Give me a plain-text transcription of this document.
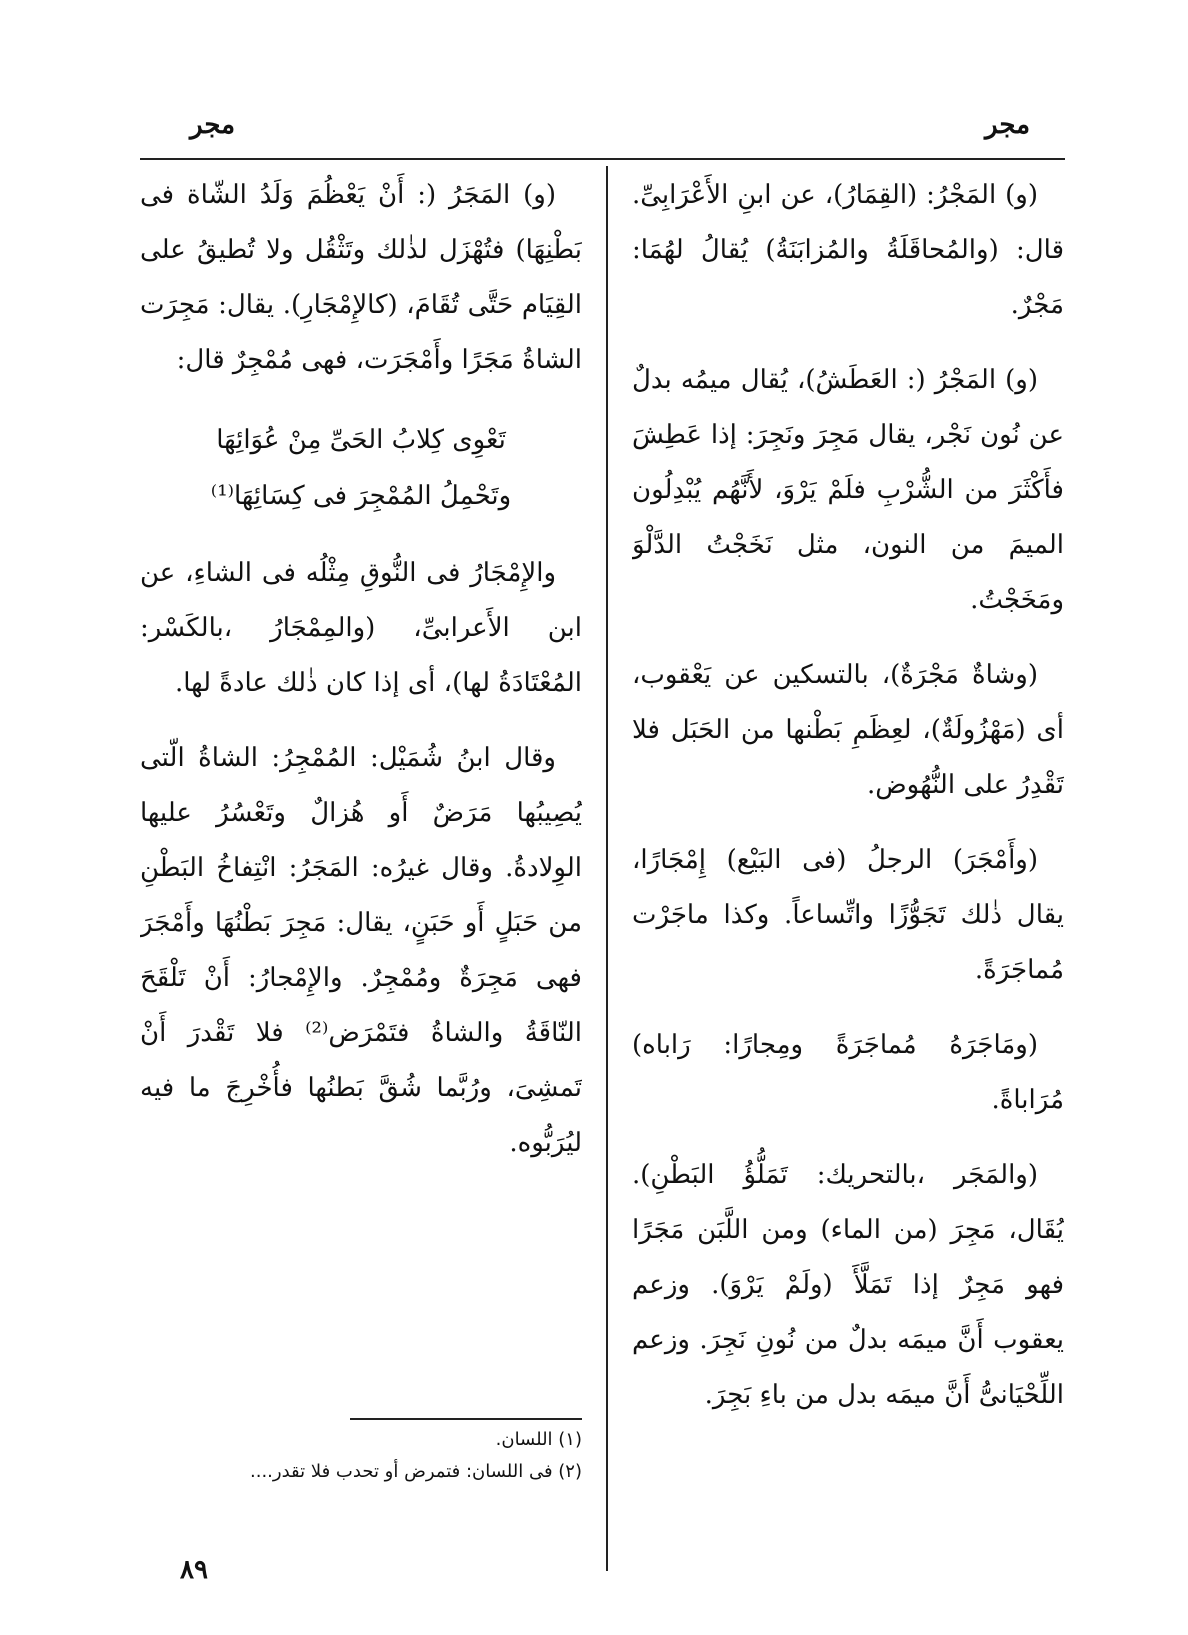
مجر	مجر

(و) المَجْرُ: (القِمَارُ)، عن ابنِ الأَعْرَابِىِّ. قال: (والمُحاقَلَةُ والمُزابَنَةُ) يُقالُ لهُمَا: مَجْرٌ.

(و) المَجْرُ (: العَطَشُ)، يُقال ميمُه بدلٌ عن نُون نَجْر، يقال مَجِرَ ونَجِرَ: إذا عَطِشَ فأَكْثَرَ من الشُّرْبِ فلَمْ يَرْوَ، لأَنَّهُم يُبْدِلُون الميمَ من النون، مثل نَخَجْتُ الدَّلْوَ ومَخَجْتُ.

(وشاةٌ مَجْرَةٌ)، بالتسكين عن يَعْقوب، أى (مَهْزُولَةٌ)، لعِظَمِ بَطْنها من الحَبَل فلا تَقْدِرُ على النُّهُوض.

(وأَمْجَرَ) الرجلُ (فى البَيْع) إِمْجَارًا، يقال ذٰلك تَجَوُّزًا واتِّساعاً. وكذا ماجَرْت مُماجَرَةً.

(ومَاجَرَهُ مُماجَرَةً ومِجارًا: رَاباه) مُرَاباةً.

(والمَجَر ،بالتحريك: تَمَلُّؤُ البَطْنِ). يُقَال، مَجِرَ (من الماء) ومن اللَّبَن مَجَرًا فهو مَجِرٌ إذا تَمَلَّأَ (ولَمْ يَرْوَ). وزعم يعقوب أَنَّ ميمَه بدلٌ من نُونِ نَجِرَ. وزعم اللِّحْيَانىُّ أَنَّ ميمَه بدل من باءِ بَجِرَ.

(و) المَجَرُ (: أَنْ يَعْظُمَ وَلَدُ الشّاة فى بَطْنِهَا) فتُهْزَل لذٰلك وتَثْقُل ولا تُطيقُ على القِيَام حَتَّى تُقَامَ، (كالإِمْجَارِ). يقال: مَجِرَت الشاةُ مَجَرًا وأَمْجَرَت، فهى مُمْجِرٌ قال:

تَعْوِى كِلابُ الحَىِّ مِنْ عُوَائِهَا
وتَحْمِلُ المُمْجِرَ فى كِسَائِهَا⁽¹⁾

والإِمْجَارُ فى النُّوقِ مِثْلُه فى الشاءِ، عن ابن الأَعرابىِّ، (والمِمْجَارُ ،بالكَسْر: المُعْتَادَةُ لها)، أى إذا كان ذٰلك عادةً لها.

وقال ابنُ شُمَيْل: المُمْجِرُ: الشاةُ الّتى يُصِيبُها مَرَضٌ أَو هُزالٌ وتَعْسُرُ عليها الوِلادةُ. وقال غيرُه: المَجَرُ: انْتِفاخُ البَطْنِ من حَبَلٍ أَو حَبَنٍ، يقال: مَجِرَ بَطْنُهَا وأَمْجَرَ فهى مَجِرَةٌ ومُمْجِرٌ. والإِمْجارُ: أَنْ تَلْقَحَ النّاقَةُ والشاةُ فتَمْرَض⁽²⁾ فلا تَقْدرَ أَنْ تَمشِىَ، ورُبَّما شُقَّ بَطنُها فأُخْرِجَ ما فيه ليُرَبُّوه.

(١) اللسان.
(٢) فى اللسان: فتمرض أو تحدب فلا تقدر....
٨٩
